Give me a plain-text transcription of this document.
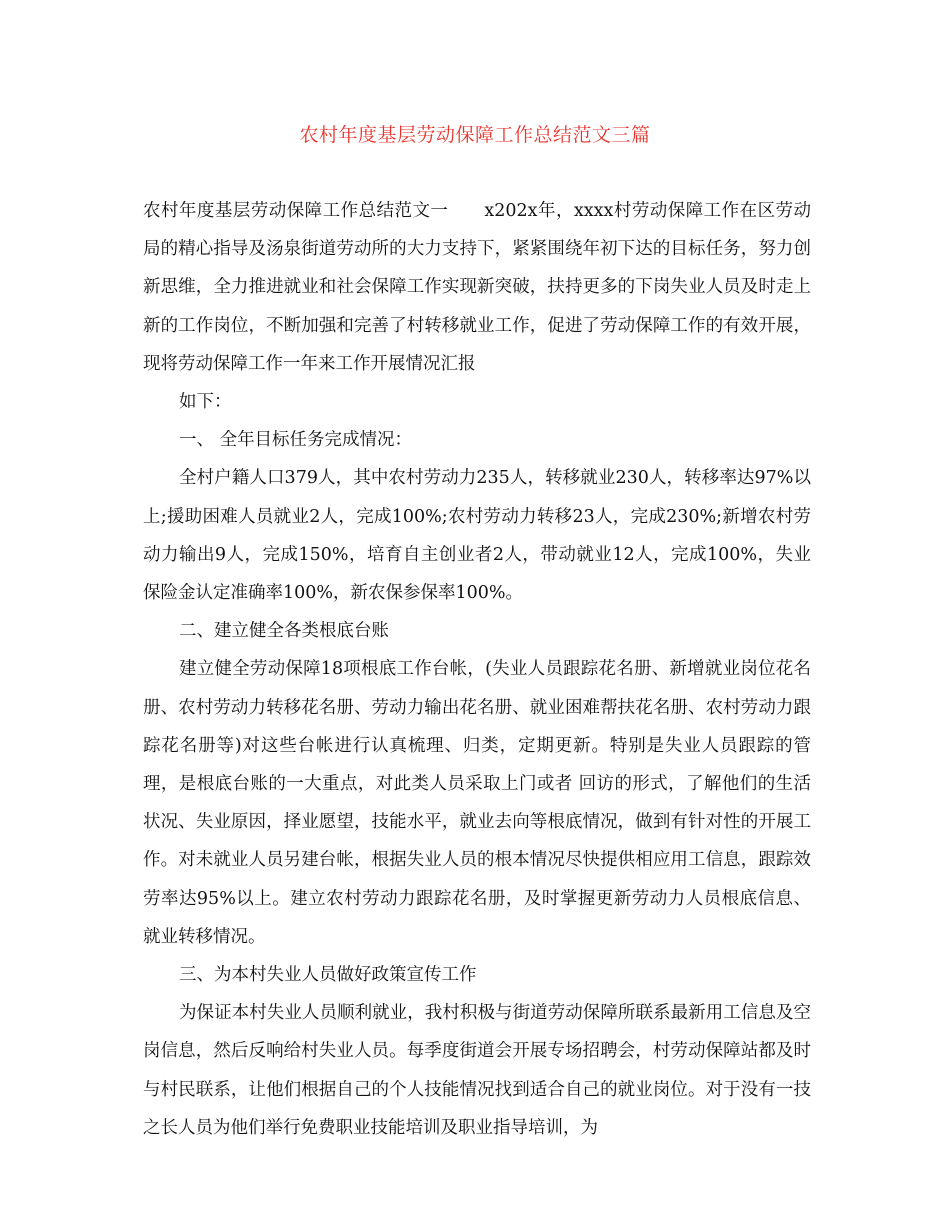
农村年度基层劳动保障工作总结范文三篇

农村年度基层劳动保障工作总结范文一 x202x年，xxxx村劳动保障工作在区劳动局的精心指导及汤泉街道劳动所的大力支持下，紧紧围绕年初下达的目标任务，努力创新思维，全力推进就业和社会保障工作实现新突破，扶持更多的下岗失业人员及时走上新的工作岗位，不断加强和完善了村转移就业工作，促进了劳动保障工作的有效开展，现将劳动保障工作一年来工作开展情况汇报

如下：

一、 全年目标任务完成情况：

全村户籍人口379人，其中农村劳动力235人，转移就业230人，转移率达97%以上;援助困难人员就业2人，完成100%;农村劳动力转移23人，完成230%;新增农村劳动力输出9人，完成150%，培育自主创业者2人，带动就业12人，完成100%，失业保险金认定准确率100%，新农保参保率100%。

二、建立健全各类根底台账

建立健全劳动保障18项根底工作台帐，(失业人员跟踪花名册、新增就业岗位花名册、农村劳动力转移花名册、劳动力输出花名册、就业困难帮扶花名册、农村劳动力跟踪花名册等)对这些台帐进行认真梳理、归类，定期更新。特别是失业人员跟踪的管理，是根底台账的一大重点，对此类人员采取上门或者 回访的形式，了解他们的生活状况、失业原因，择业愿望，技能水平，就业去向等根底情况，做到有针对性的开展工作。对未就业人员另建台帐，根据失业人员的根本情况尽快提供相应用工信息，跟踪效劳率达95%以上。建立农村劳动力跟踪花名册，及时掌握更新劳动力人员根底信息、就业转移情况。

三、为本村失业人员做好政策宣传工作

为保证本村失业人员顺利就业，我村积极与街道劳动保障所联系最新用工信息及空岗信息，然后反响给村失业人员。每季度街道会开展专场招聘会，村劳动保障站都及时与村民联系，让他们根据自己的个人技能情况找到适合自己的就业岗位。对于没有一技之长人员为他们举行免费职业技能培训及职业指导培训，为
